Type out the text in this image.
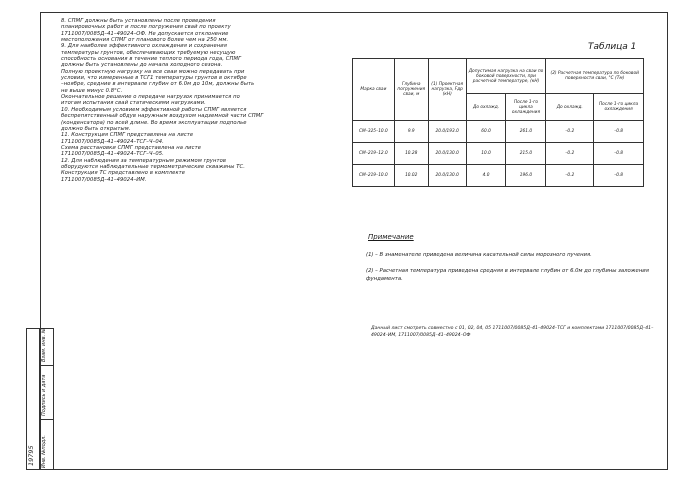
Инв. №подл.
Подпись и дата
Взам. инв. №
19795

8. СПМГ должны быть установлены после проведения
планировочных работ и после погружения свай по проекту
1711007/0085Д–41–49024–ОФ. Не допускается отклонение
местоположения СПМГ от планового более чем на 250 мм.

9. Для наиболее эффективного охлаждения и сохранения
температуры грунтов, обеспечивающих требуемую несущую
способность основания в течение теплого периода года, СПМГ
должны быть установлены до начала холодного сезона.

Полную проектную нагрузку на все сваи можно передавать при
условии, что измеренные в ТСГ1 температуры грунтов в октябре
–ноябре, средние в интервале глубин от 6.0м до 10м, должны быть
не выше минус 0.8°С.

Окончательное решение о передаче нагрузок принимается по
итогам испытания свай статическими нагрузками.

10. Необходимым условием эффективной работы СПМГ является
беспрепятственный обдув наружным воздухом надземной части СПМГ
(конденсатора) по всей длине. Во время эксплуатации подполье
должно быть открытым.

11. Конструкция СПМГ представлена на листе
1711007/0085Д–41–49024–ТСГ–Ч–04.

Схема расстановки СПМГ представлена на листе
1711007/0085Д–41–49024–ТСГ–Ч–05.

12. Для наблюдения за температурным режимом грунтов
оборудуются наблюдательные термометрические скважины ТС.
Конструкция ТС представлено в комплекте
1711007/0085Д–41–49024–ИМ.

Таблица 1
Марка сваи	Глубина погружения сваи, м	(1) Проектная нагрузка, Fдр (кН)	Допустимая нагрузка на сваи по боковой поверхности, при расчетной температуре, (кН)		(2) Расчетная температура по боковой поверхности сваи, °С (Тм)	
			До охлажд.	После 1-го цикла охлаждения	До охлажд.	После 1-го цикла охлаждения
СМ–325–10.0	9.9	20.0/193.0	60.0	261.0	–0.2	–0.8
СМ–219–12.0	10.28	20.0/130.0	10.0	215.0	–0.2	–0.8
СМ–219–10.0	10.02	20.0/130.0	4.0	196.0	–0.2	–0.8
Примечание
(1) – В знаменателе приведена величина касательной силы морозного пучения.
(2) – Расчетная температура приведена средняя в интервале глубин от 6.0м до глубины заложения фундамента.
Данный лист смотреть совместно с 01, 02, 04, 05 1711007/0085Д–41–49024–ТСГ и комплектами 1711007/0085Д–41–49024–ИМ, 1711007/0085Д–41–49024–ОФ
